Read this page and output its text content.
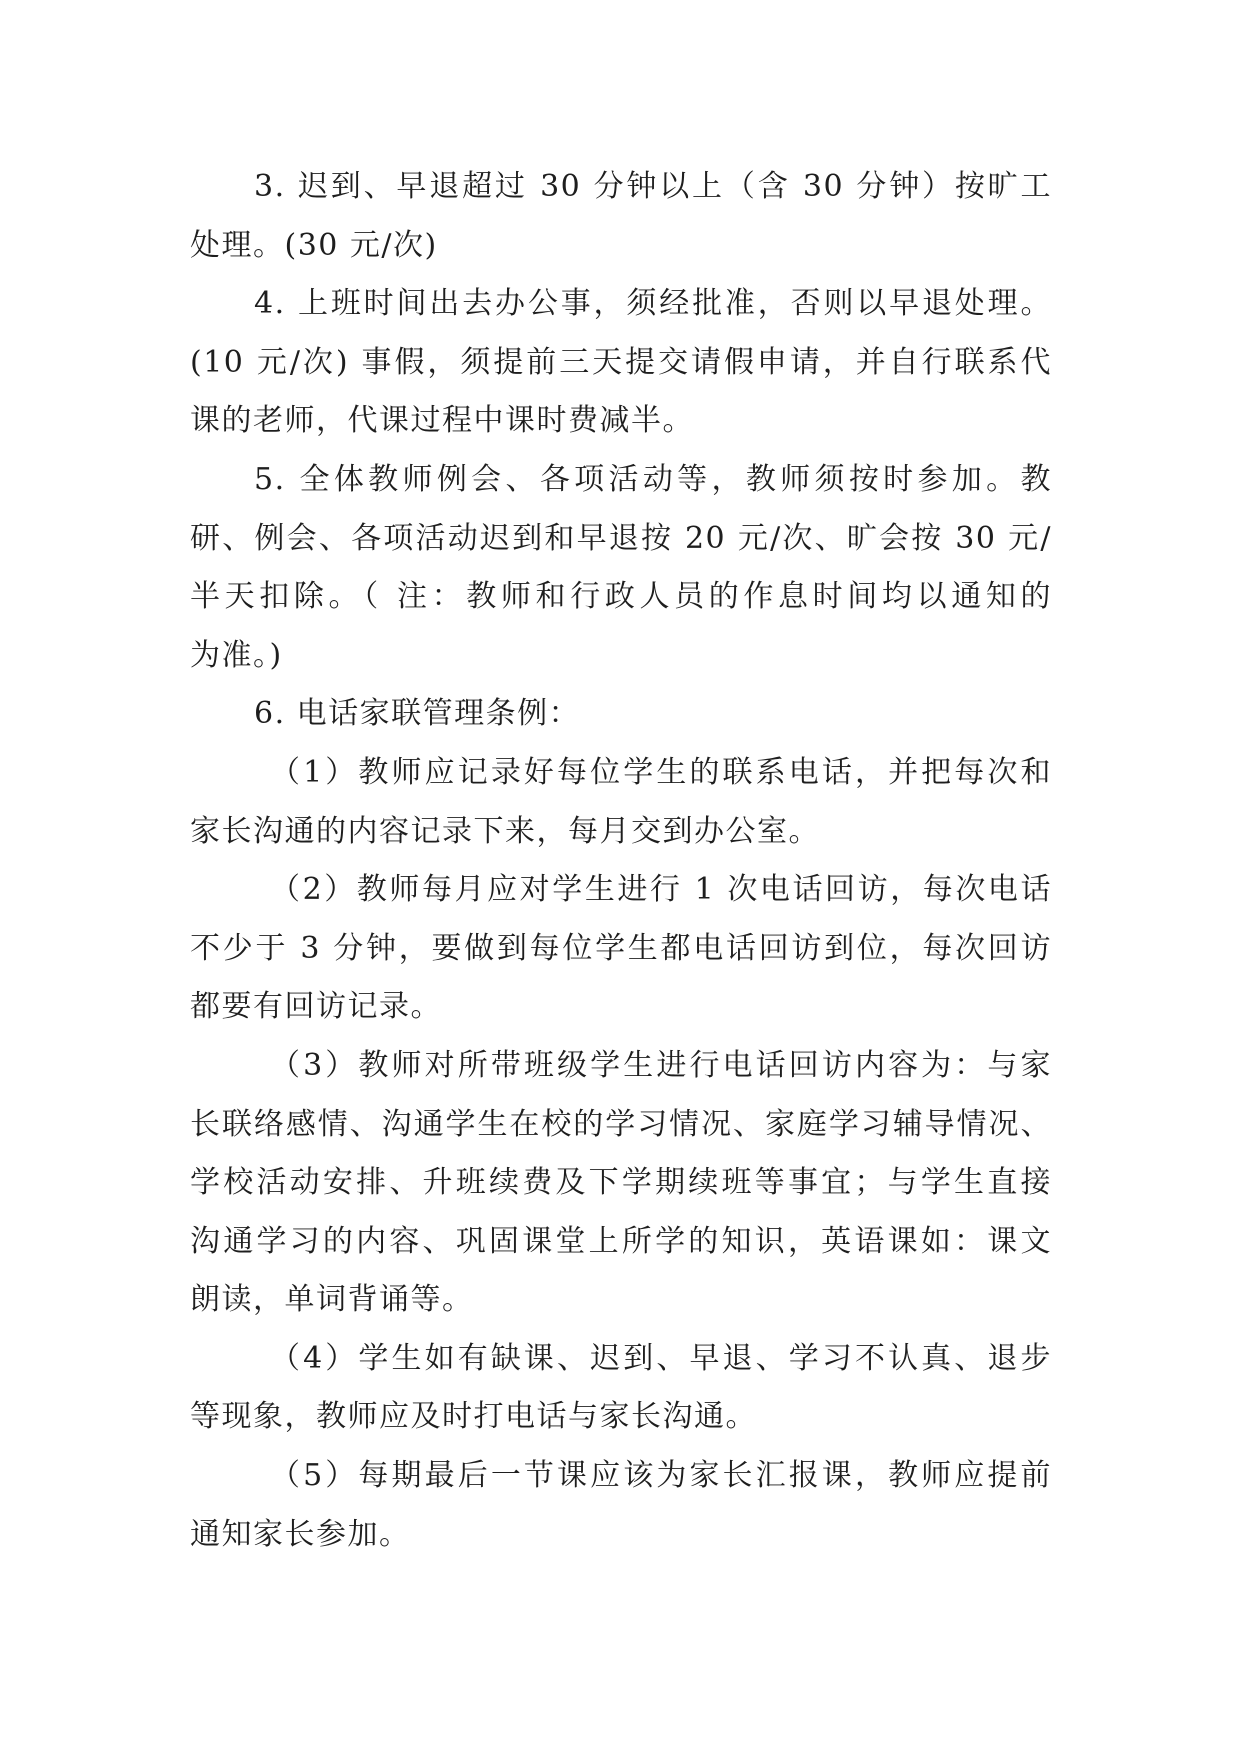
3. 迟到、早退超过 30 分钟以上（含 30 分钟）按旷工
处理。(30 元/次)
4. 上班时间出去办公事，须经批准，否则以早退处理。
(10 元/次) 事假，须提前三天提交请假申请，并自行联系代
课的老师，代课过程中课时费减半。
5. 全体教师例会、各项活动等，教师须按时参加。教
研、例会、各项活动迟到和早退按 20 元/次、旷会按 30 元/
半天扣除。（ 注：教师和行政人员的作息时间均以通知的
为准。)
6. 电话家联管理条例：
（1）教师应记录好每位学生的联系电话，并把每次和
家长沟通的内容记录下来，每月交到办公室。
（2）教师每月应对学生进行 1 次电话回访，每次电话
不少于 3 分钟，要做到每位学生都电话回访到位，每次回访
都要有回访记录。
（3）教师对所带班级学生进行电话回访内容为：与家
长联络感情、沟通学生在校的学习情况、家庭学习辅导情况、
学校活动安排、升班续费及下学期续班等事宜；与学生直接
沟通学习的内容、巩固课堂上所学的知识，英语课如：课文
朗读，单词背诵等。
（4）学生如有缺课、迟到、早退、学习不认真、退步
等现象，教师应及时打电话与家长沟通。
（5）每期最后一节课应该为家长汇报课，教师应提前
通知家长参加。
